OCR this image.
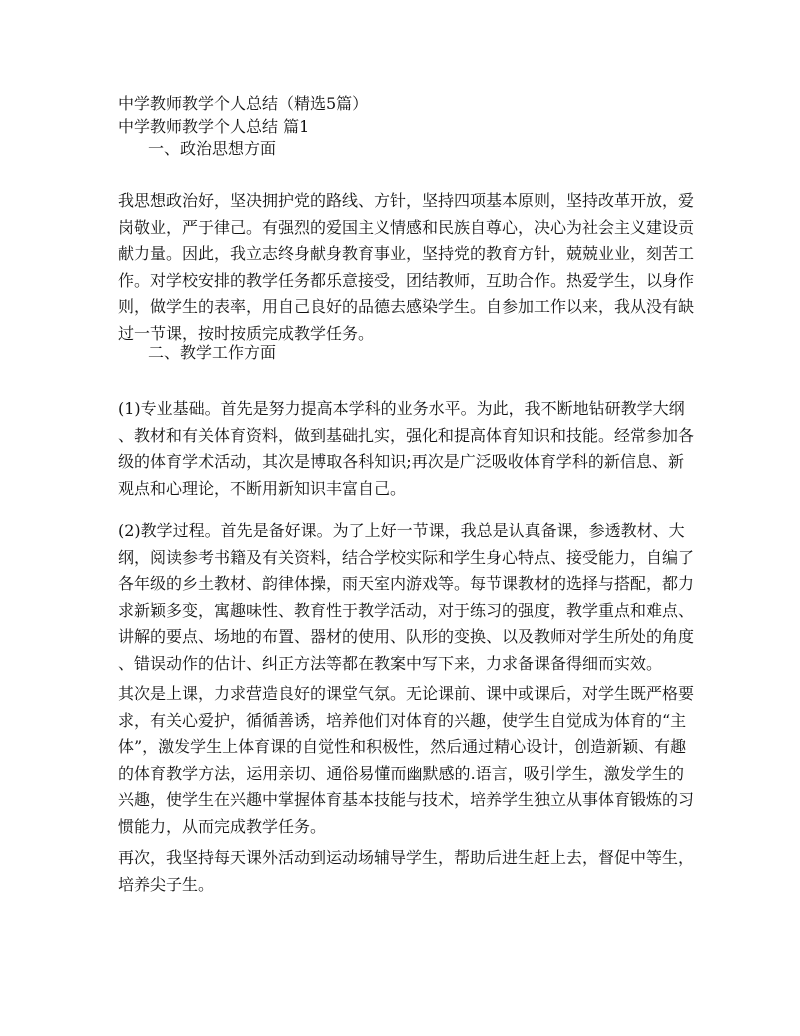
中学教师教学个人总结（精选5篇）
中学教师教学个人总结 篇1
一、政治思想方面
我思想政治好，坚决拥护党的路线、方针，坚持四项基本原则，坚持改革开放，爱
岗敬业，严于律己。有强烈的爱国主义情感和民族自尊心，决心为社会主义建设贡
献力量。因此，我立志终身献身教育事业，坚持党的教育方针，兢兢业业，刻苦工
作。对学校安排的教学任务都乐意接受，团结教师，互助合作。热爱学生，以身作
则，做学生的表率，用自己良好的品德去感染学生。自参加工作以来，我从没有缺
过一节课，按时按质完成教学任务。
二、教学工作方面
(1)专业基础。首先是努力提高本学科的业务水平。为此，我不断地钻研教学大纲
、教材和有关体育资料，做到基础扎实，强化和提高体育知识和技能。经常参加各
级的体育学术活动，其次是博取各科知识;再次是广泛吸收体育学科的新信息、新
观点和心理论，不断用新知识丰富自己。
(2)教学过程。首先是备好课。为了上好一节课，我总是认真备课，参透教材、大
纲，阅读参考书籍及有关资料，结合学校实际和学生身心特点、接受能力，自编了
各年级的乡土教材、韵律体操，雨天室内游戏等。每节课教材的选择与搭配，都力
求新颖多变，寓趣味性、教育性于教学活动，对于练习的强度，教学重点和难点、
讲解的要点、场地的布置、器材的使用、队形的变换、以及教师对学生所处的角度
、错误动作的估计、纠正方法等都在教案中写下来，力求备课备得细而实效。
其次是上课，力求营造良好的课堂气氛。无论课前、课中或课后，对学生既严格要
求，有关心爱护，循循善诱，培养他们对体育的兴趣，使学生自觉成为体育的“主
体”，激发学生上体育课的自觉性和积极性，然后通过精心设计，创造新颖、有趣
的体育教学方法，运用亲切、通俗易懂而幽默感的.语言，吸引学生，激发学生的
兴趣，使学生在兴趣中掌握体育基本技能与技术，培养学生独立从事体育锻炼的习
惯能力，从而完成教学任务。
再次，我坚持每天课外活动到运动场辅导学生，帮助后进生赶上去，督促中等生，
培养尖子生。
